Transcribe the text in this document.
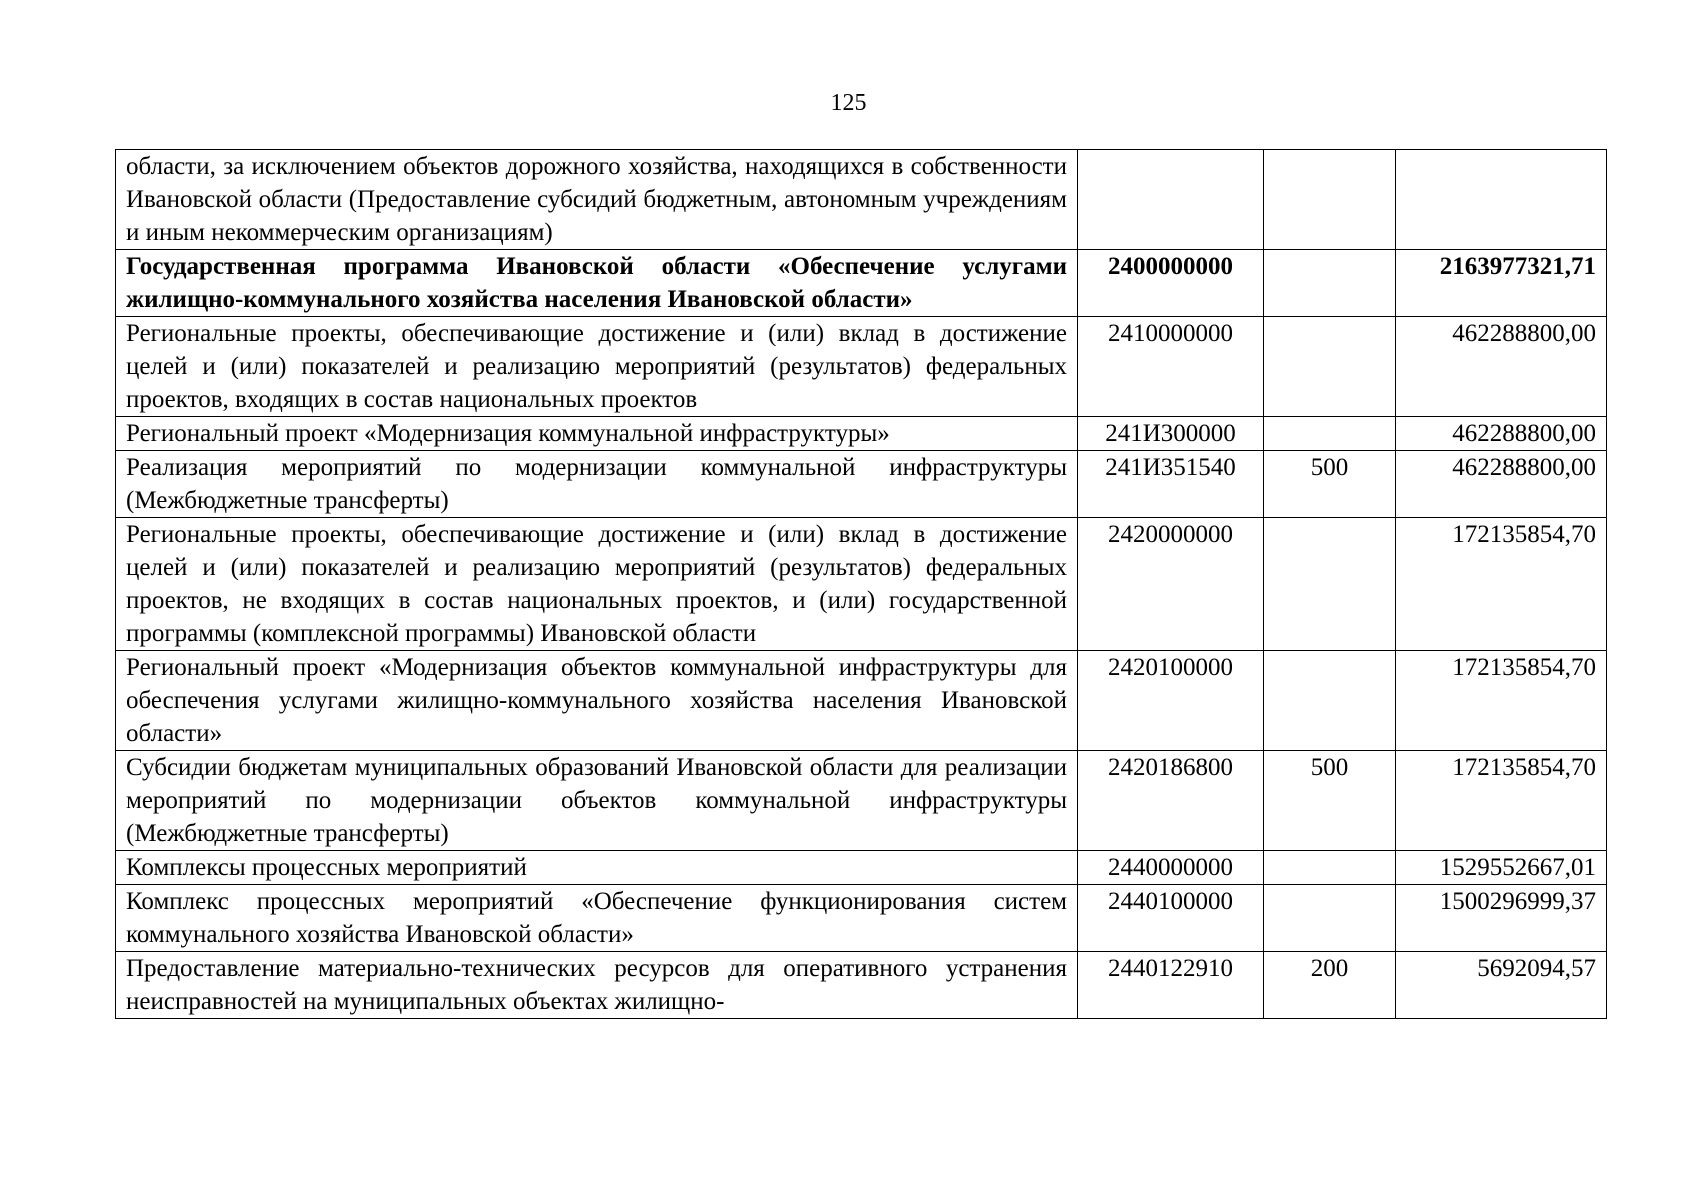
125
области, за исключением объектов дорожного хозяйства, находящихся в собственности Ивановской области (Предоставление субсидий бюджетным, автономным учреждениям и иным некоммерческим организациям)			
Государственная программа Ивановской области «Обеспечение услугами жилищно-коммунального хозяйства населения Ивановской области»	2400000000		2163977321,71
Региональные проекты, обеспечивающие достижение и (или) вклад в достижение целей и (или) показателей и реализацию мероприятий (результатов) федеральных проектов, входящих в состав национальных проектов	2410000000		462288800,00
Региональный проект «Модернизация коммунальной инфраструктуры»	241И300000		462288800,00
Реализация мероприятий по модернизации коммунальной инфраструктуры (Межбюджетные трансферты)	241И351540	500	462288800,00
Региональные проекты, обеспечивающие достижение и (или) вклад в достижение целей и (или) показателей и реализацию мероприятий (результатов) федеральных проектов, не входящих в состав национальных проектов, и (или) государственной программы (комплексной программы) Ивановской области	2420000000		172135854,70
Региональный проект «Модернизация объектов коммунальной инфраструктуры для обеспечения услугами жилищно-коммунального хозяйства населения Ивановской области»	2420100000		172135854,70
Субсидии бюджетам муниципальных образований Ивановской области для реализации мероприятий по модернизации объектов коммунальной инфраструктуры (Межбюджетные трансферты)	2420186800	500	172135854,70
Комплексы процессных мероприятий	2440000000		1529552667,01
Комплекс процессных мероприятий «Обеспечение функционирования систем коммунального хозяйства Ивановской области»	2440100000		1500296999,37
Предоставление материально-технических ресурсов для оперативного устранения неисправностей на муниципальных объектах жилищно-	2440122910	200	5692094,57
